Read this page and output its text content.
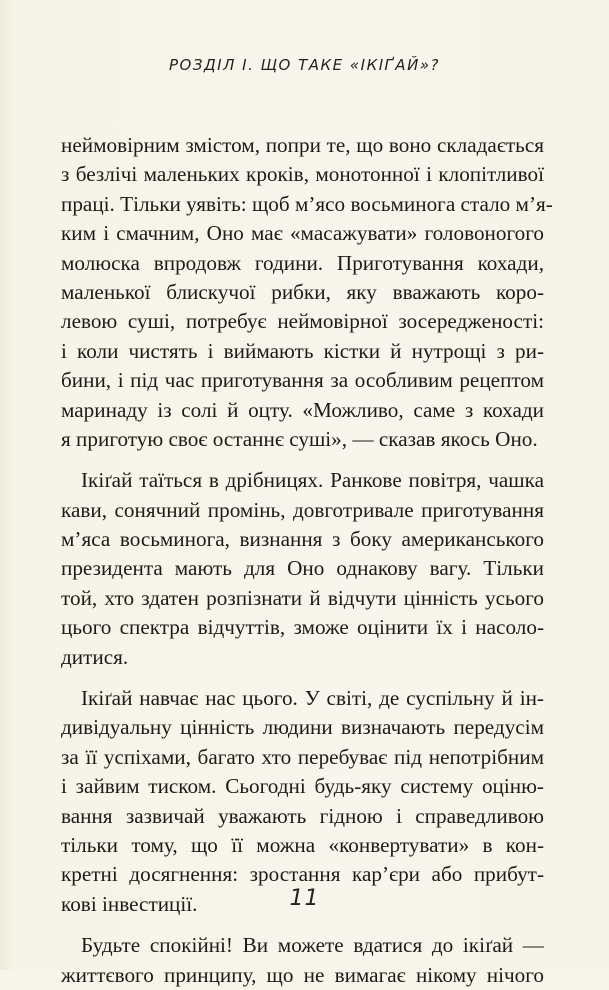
РОЗДІЛ І. ЩО ТАКЕ «ІКІҐАЙ»?
неймовірним змістом, попри те, що воно складається
з безлічі маленьких кроків, монотонної і клопітливої
праці. Тільки уявіть: щоб м’ясо восьминога стало м’я-
ким і смачним, Оно має «масажувати» головоногого
молюска впродовж години. Приготування кохади,
маленької блискучої рибки, яку вважають коро-
левою суші, потребує неймовірної зосередженості:
і коли чистять і виймають кістки й нутрощі з ри-
бини, і під час приготування за особливим рецептом
маринаду із солі й оцту. «Можливо, саме з кохади
я приготую своє останнє суші», — сказав якось Оно.
Ікіґай таїться в дрібницях. Ранкове повітря, чашка
кави, сонячний промінь, довготривале приготування
м’яса восьминога, визнання з боку американського
президента мають для Оно однакову вагу. Тільки
той, хто здатен розпізнати й відчути цінність усього
цього спектра відчуттів, зможе оцінити їх і насоло-
дитися.
Ікіґай навчає нас цього. У світі, де суспільну й ін-
дивідуальну цінність людини визначають передусім
за її успіхами, багато хто перебуває під непотрібним
і зайвим тиском. Сьогодні будь-яку систему оціню-
вання зазвичай уважають гідною і справедливою
тільки тому, що її можна «конвертувати» в кон-
кретні досягнення: зростання кар’єри або прибут-
кові інвестиції.
Будьте спокійні! Ви можете вдатися до ікіґай —
життєвого принципу, що не вимагає нікому нічого
11
